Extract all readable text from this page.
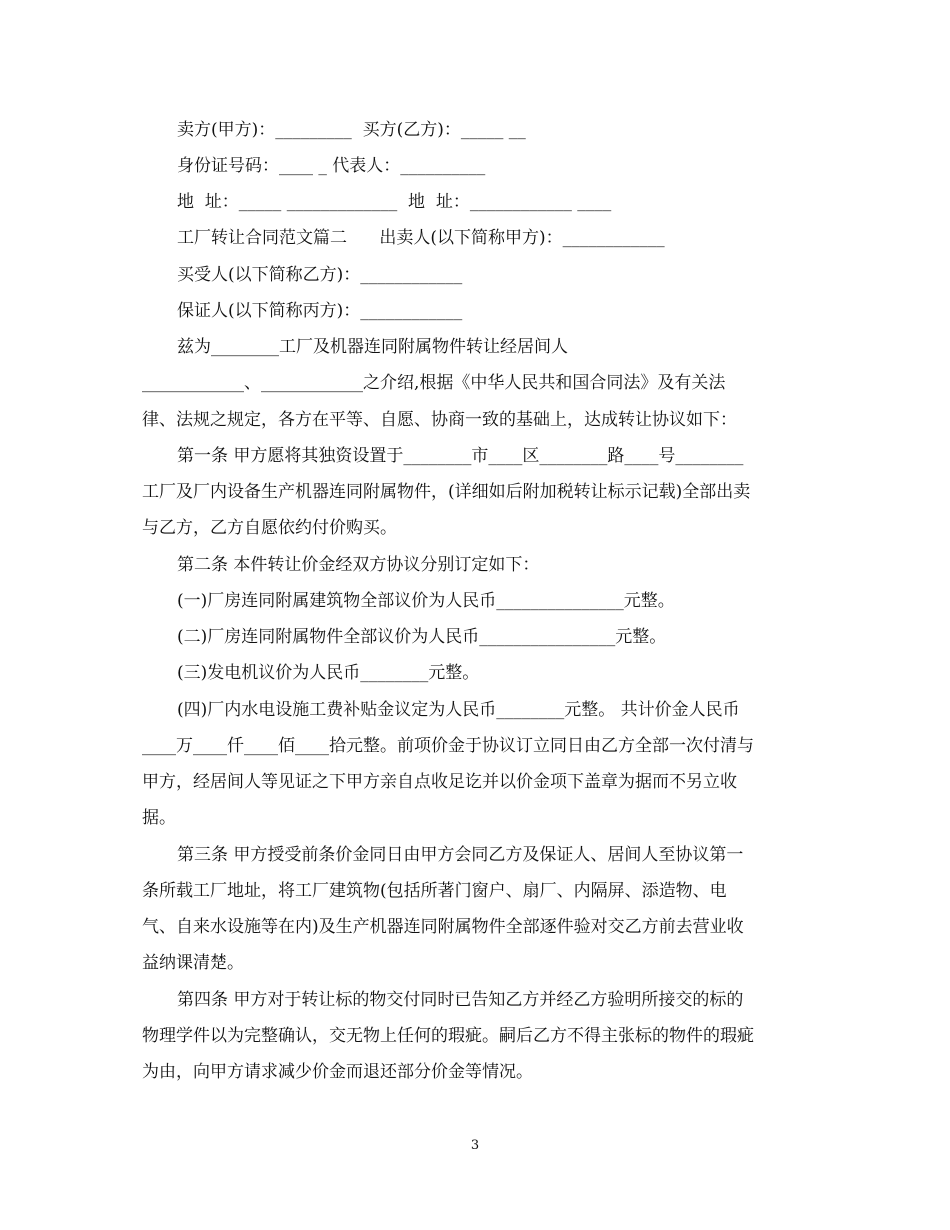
卖方(甲方)：_________  买方(乙方)：_____ __
身份证号码：____ _ 代表人：__________
地  址：_____ _____________  地  址：____________ ____
工厂转让合同范文篇二      出卖人(以下简称甲方)：____________
买受人(以下简称乙方)：____________
保证人(以下简称丙方)：____________
兹为________工厂及机器连同附属物件转让经居间人
____________、____________之介绍,根据《中华人民共和国合同法》及有关法
律、法规之规定，各方在平等、自愿、协商一致的基础上，达成转让协议如下：
第一条 甲方愿将其独资设置于________市____区________路____号________
工厂及厂内设备生产机器连同附属物件，(详细如后附加税转让标示记载)全部出卖
与乙方，乙方自愿依约付价购买。
第二条 本件转让价金经双方协议分别订定如下：
(一)厂房连同附属建筑物全部议价为人民币_______________元整。
(二)厂房连同附属物件全部议价为人民币________________元整。
(三)发电机议价为人民币________元整。
(四)厂内水电设施工费补贴金议定为人民币________元整。 共计价金人民币
____万____仟____佰____拾元整。前项价金于协议订立同日由乙方全部一次付清与
甲方，经居间人等见证之下甲方亲自点收足讫并以价金项下盖章为据而不另立收
据。
第三条 甲方授受前条价金同日由甲方会同乙方及保证人、居间人至协议第一
条所载工厂地址，将工厂建筑物(包括所著门窗户、扇厂、内隔屏、添造物、电
气、自来水设施等在内)及生产机器连同附属物件全部逐件验对交乙方前去营业收
益纳课清楚。
第四条 甲方对于转让标的物交付同时已告知乙方并经乙方验明所接交的标的
物理学件以为完整确认，交无物上任何的瑕疵。嗣后乙方不得主张标的物件的瑕疵
为由，向甲方请求减少价金而退还部分价金等情况。
3
